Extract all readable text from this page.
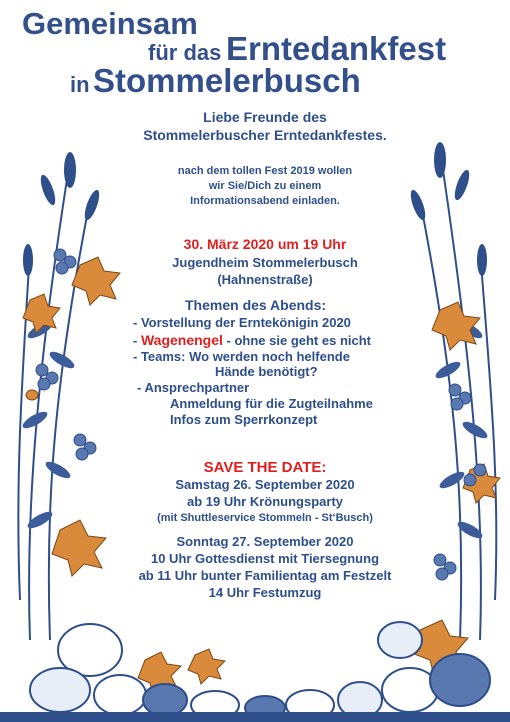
Gemeinsam
für das Erntedankfest
in Stommelerbusch
Liebe Freunde des
Stommelerbuscher Erntedankfestes.
nach dem tollen Fest 2019 wollen
wir Sie/Dich zu einem
Informationsabend einladen.
30. März 2020 um 19 Uhr
Jugendheim Stommelerbusch
(Hahnenstraße)
Themen des Abends:
- Vorstellung der Erntekönigin 2020
- Wagenengel - ohne sie geht es nicht
- Teams: Wo werden noch helfende
Hände benötigt?
- Ansprechpartner
Anmeldung für die Zugteilnahme
Infos zum Sperrkonzept
SAVE THE DATE:
Samstag 26. September 2020
ab 19 Uhr Krönungsparty
(mit Shuttleservice Stommeln - St‘Busch)
Sonntag 27. September 2020
10 Uhr Gottesdienst mit Tiersegnung
ab 11 Uhr bunter Familientag am Festzelt
14 Uhr Festumzug
